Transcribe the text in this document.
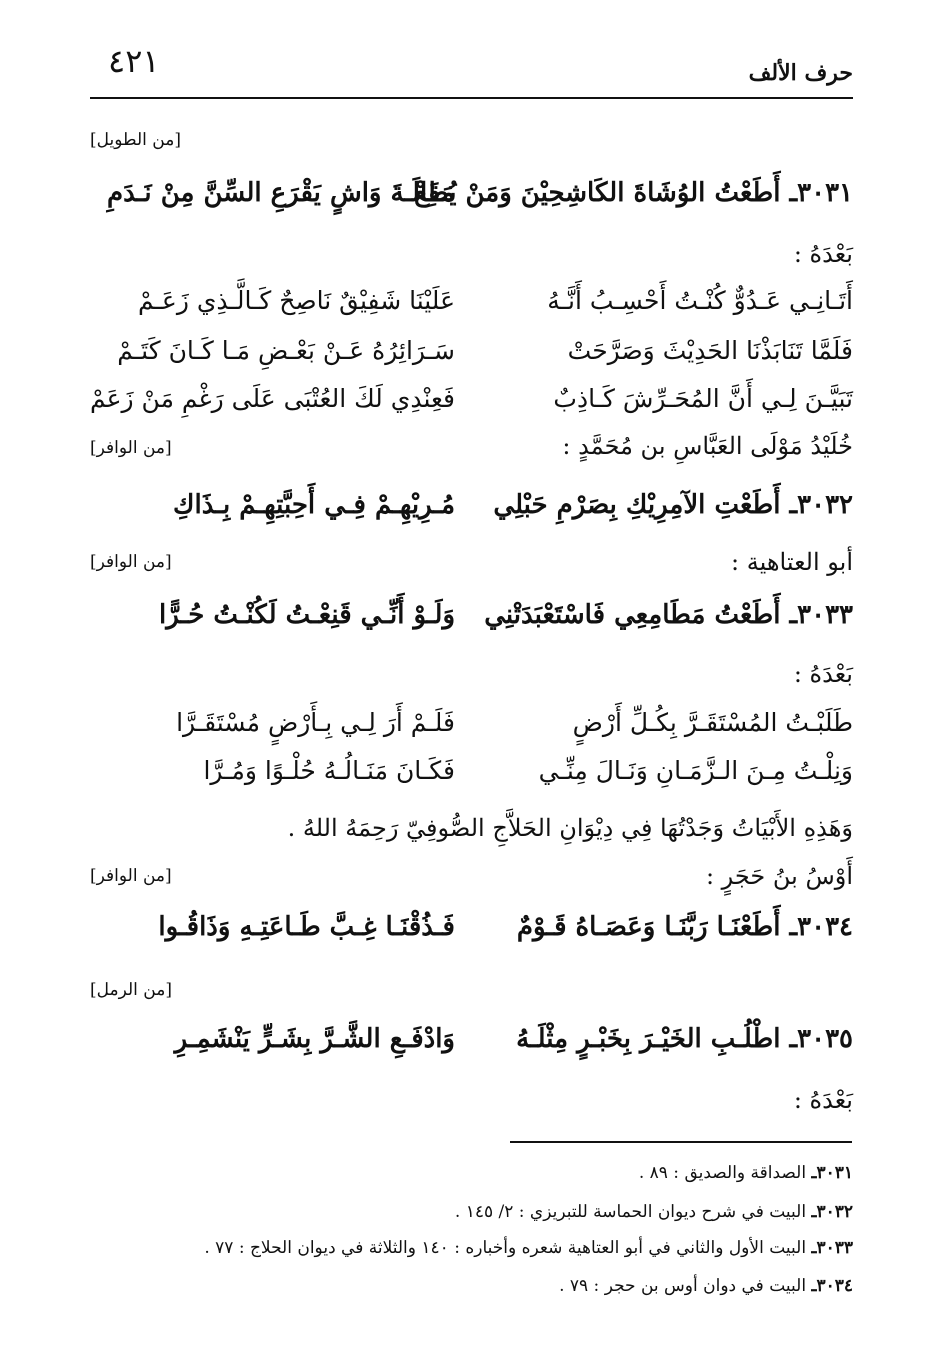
٤٢١	حرف الألف
[من الطويل]
٣٠٣١ـ أَطَعْتُ الوُشَاةَ الكَاشِحِيْنَ وَمَنْ يُطِعْ
مَقَالَـةَ وَاشٍ يَقْرَعِ السِّنَّ مِنْ نَـدَمِ
بَعْدَهُ :
أَتَـانِـي عَـدُوٌّ كُنْـتُ أَحْسِـبُ أَنَّـهُ
عَلَيْنَا شَفِيْقٌ نَاصِحٌ كَـالَّـذِي زَعَـمْ
فَلَمَّا تَنَابَذْنَا الحَدِيْثَ وَصَرَّحَتْ
سَـرَائِرُهُ عَـنْ بَعْـضِ مَـا كَـانَ كَتَـمْ
تَبَيَّـنَ لِـي أَنَّ المُحَـرِّشَ كَـاذِبٌ
فَعِنْدِي لَكَ العُتْبَى عَلَى رَغْمِ مَنْ زَعَمْ
خُلَيْدُ مَوْلَى العَبَّاسِ بن مُحَمَّدٍ :
[من الوافر]
٣٠٣٢ـ أَطَعْتِ الآمِرِيْكِ بِصَرْمِ حَبْلِي
مُـرِيْهِـمْ فِـي أَحِبَّتِهِـمْ بِـذَاكِ
أبو العتاهية :
[من الوافر]
٣٠٣٣ـ أَطَعْتُ مَطَامِعِي فَاسْتَعْبَدَتْنِي
وَلَـوْ أَنِّـي قَنِعْـتُ لَكُنْـتُ حُـرًّا
بَعْدَهُ :
طَلَبْـتُ المُسْتَقَـرَّ بِكُـلِّ أَرْضٍ
فَلَـمْ أَرَ لِـي بِـأَرْضٍ مُسْتَقَـرَّا
وَنِلْـتُ مِـنَ الـزَّمَـانِ وَنَـالَ مِنِّـي
فَكَـانَ مَنَـالُـهُ حُلْـوًا وَمُـرَّا
وَهَذِهِ الأَبْيَاتُ وَجَدْتُهَا فِي دِيْوَانِ الحَلاَّجِ الصُّوفِيّ رَحِمَهُ اللهُ .
أَوْسُ بنُ حَجَرٍ :
[من الوافر]
٣٠٣٤ـ أَطَعْنَـا رَبَّنَـا وَعَصَـاهُ قَـوْمٌ
فَـذُقْنَـا غِـبَّ طَـاعَتِـهِ وَذَاقُـوا
[من الرمل]
٣٠٣٥ـ اطْلُـبِ الخَيْـرَ بِخَبْـرٍ مِثْلَـهُ
وَادْفَـعِ الشَّـرَّ بِشَـرٍّ يَنْشَمِـرِ
بَعْدَهُ :
٣٠٣١ـ الصداقة والصديق : ٨٩ .
٣٠٣٢ـ البيت في شرح ديوان الحماسة للتبريزي : ٢/ ١٤٥ .
٣٠٣٣ـ البيت الأول والثاني في أبو العتاهية شعره وأخباره : ١٤٠ والثلاثة في ديوان الحلاج : ٧٧ .
٣٠٣٤ـ البيت في دوان أوس بن حجر : ٧٩ .
